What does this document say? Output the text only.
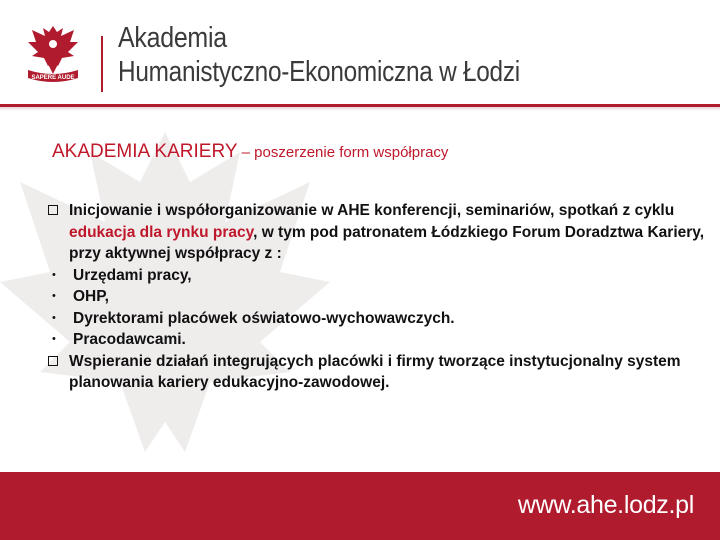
SAPERE AUDE
Akademia
Humanistyczno-Ekonomiczna w Łodzi
AKADEMIA KARIERY – poszerzenie form współpracy
Inicjowanie i współorganizowanie w AHE konferencji, seminariów, spotkań z cyklu edukacja dla rynku pracy, w tym pod patronatem Łódzkiego Forum Doradztwa Kariery, przy aktywnej współpracy z :
•	Urzędami pracy,
•	OHP,
•	Dyrektorami placówek oświatowo-wychowawczych.
•	Pracodawcami.
Wspieranie działań integrujących placówki i firmy tworzące instytucjonalny system planowania kariery edukacyjno-zawodowej.
www.ahe.lodz.pl
